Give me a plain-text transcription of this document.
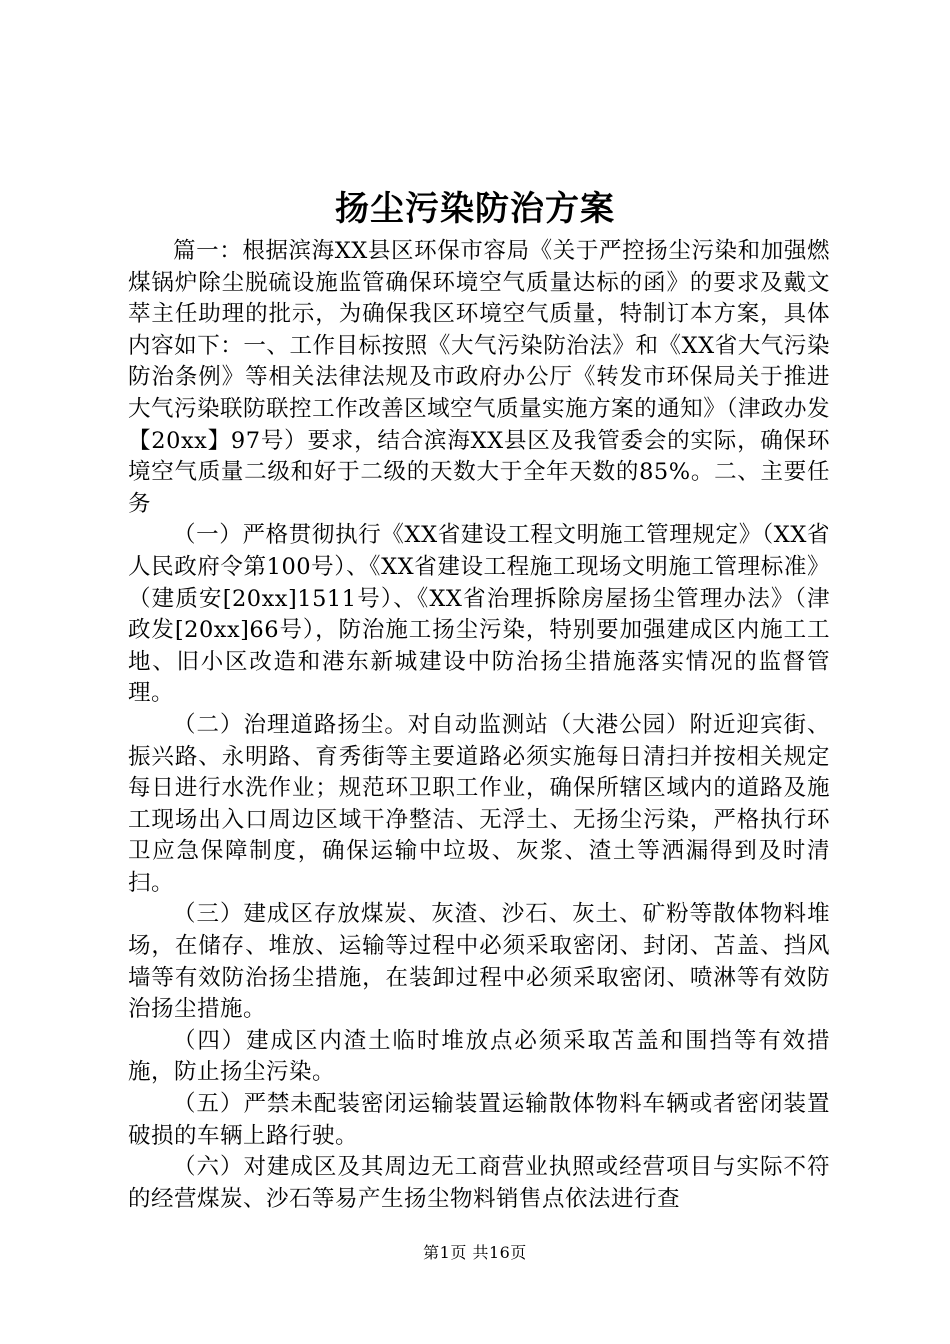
扬尘污染防治方案

篇一：根据滨海XX县区环保市容局《关于严控扬尘污染和加强燃煤锅炉除尘脱硫设施监管确保环境空气质量达标的函》的要求及戴文萃主任助理的批示，为确保我区环境空气质量，特制订本方案，具体内容如下：一、工作目标按照《大气污染防治法》和《XX省大气污染防治条例》等相关法律法规及市政府办公厅《转发市环保局关于推进大气污染联防联控工作改善区域空气质量实施方案的通知》（津政办发【20xx】97号）要求，结合滨海XX县区及我管委会的实际，确保环境空气质量二级和好于二级的天数大于全年天数的85%。二、主要任务

（一）严格贯彻执行《XX省建设工程文明施工管理规定》（XX省人民政府令第100号）、《XX省建设工程施工现场文明施工管理标准》（建质安[20xx]1511号）、《XX省治理拆除房屋扬尘管理办法》（津政发[20xx]66号），防治施工扬尘污染，特别要加强建成区内施工工地、旧小区改造和港东新城建设中防治扬尘措施落实情况的监督管理。

（二）治理道路扬尘。对自动监测站（大港公园）附近迎宾街、振兴路、永明路、育秀街等主要道路必须实施每日清扫并按相关规定每日进行水洗作业；规范环卫职工作业，确保所辖区域内的道路及施工现场出入口周边区域干净整洁、无浮土、无扬尘污染，严格执行环卫应急保障制度，确保运输中垃圾、灰浆、渣土等洒漏得到及时清扫。

（三）建成区存放煤炭、灰渣、沙石、灰土、矿粉等散体物料堆场，在储存、堆放、运输等过程中必须采取密闭、封闭、苫盖、挡风墙等有效防治扬尘措施，在装卸过程中必须采取密闭、喷淋等有效防治扬尘措施。

（四）建成区内渣土临时堆放点必须采取苫盖和围挡等有效措施，防止扬尘污染。

（五）严禁未配装密闭运输装置运输散体物料车辆或者密闭装置破损的车辆上路行驶。

（六）对建成区及其周边无工商营业执照或经营项目与实际不符的经营煤炭、沙石等易产生扬尘物料销售点依法进行查

第1页 共16页
